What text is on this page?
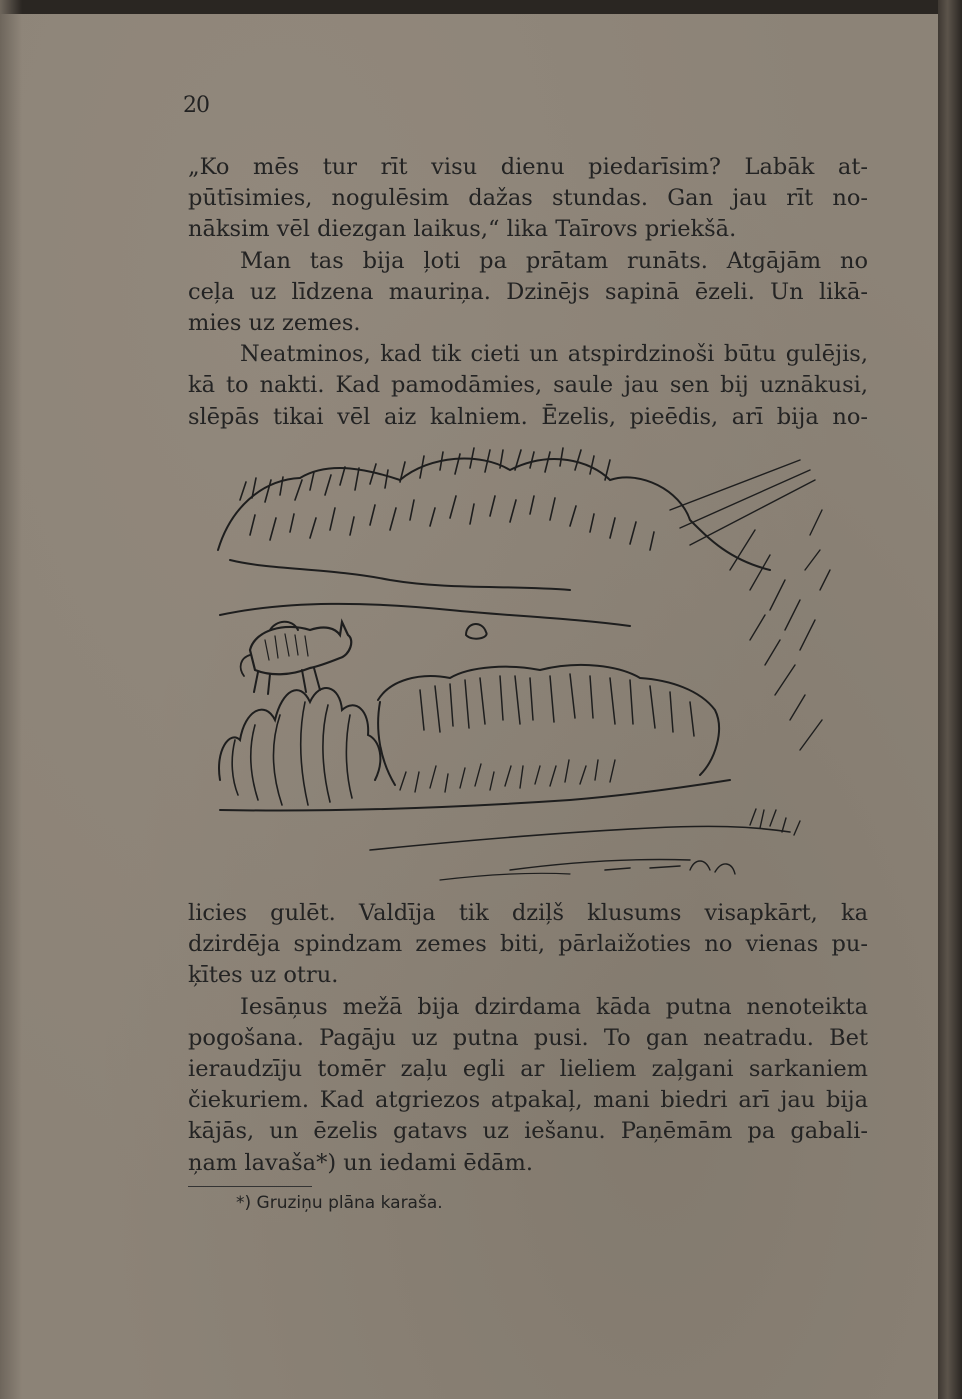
20
„Ko mēs tur rīt visu dienu piedarīsim? Labāk at-
pūtīsimies, nogulēsim dažas stundas. Gan jau rīt no-
nāksim vēl diezgan laikus,“ lika Taīrovs priekšā.
Man tas bija ļoti pa prātam runāts. Atgājām no
ceļa uz līdzena mauriņa. Dzinējs sapinā ēzeli. Un likā-
mies uz zemes.
Neatminos, kad tik cieti un atspirdzinoši būtu gulējis,
kā to nakti. Kad pamodāmies, saule jau sen bij uznākusi,
slēpās tikai vēl aiz kalniem. Ēzelis, pieēdis, arī bija no-
licies gulēt. Valdīja tik dziļš klusums visapkārt, ka
dzirdēja spindzam zemes biti, pārlaižoties no vienas pu-
ķītes uz otru.
Iesāņus mežā bija dzirdama kāda putna nenoteikta
pogošana. Pagāju uz putna pusi. To gan neatradu. Bet
ieraudzīju tomēr zaļu egli ar lieliem zaļgani sarkaniem
čiekuriem. Kad atgriezos atpakaļ, mani biedri arī jau bija
kājās, un ēzelis gatavs uz iešanu. Paņēmām pa gabali-
ņam lavaša*) un iedami ēdām.
*) Gruziņu plāna karaša.
